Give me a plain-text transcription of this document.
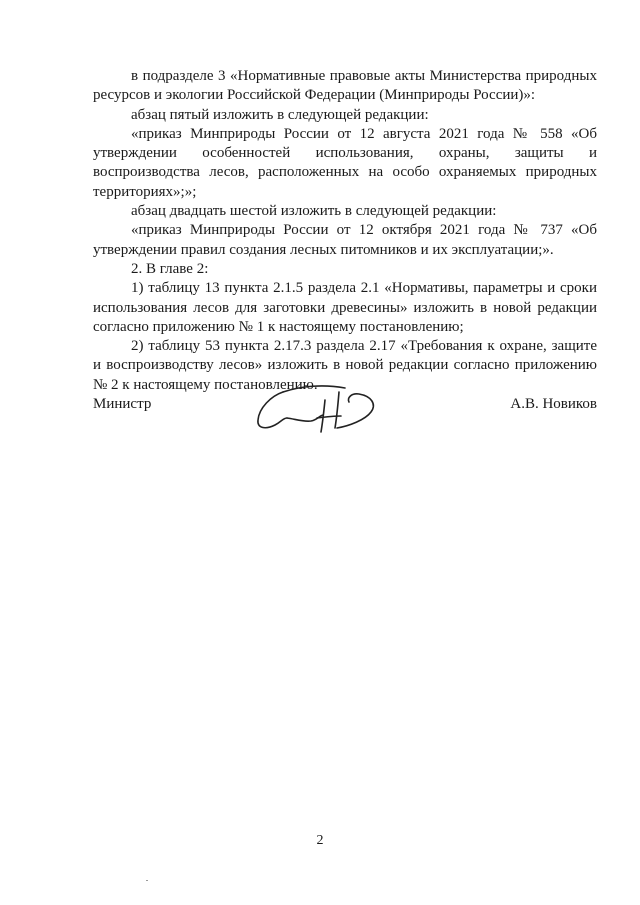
в подразделе 3 «Нормативные правовые акты Министерства природных ресурсов и экологии Российской Федерации (Минприроды России)»:

абзац пятый изложить в следующей редакции:

«приказ Минприроды России от 12 августа 2021 года № 558 «Об утверждении особенностей использования, охраны, защиты и воспроизводства лесов, расположенных на особо охраняемых природных территориях»;»;

абзац двадцать шестой изложить в следующей редакции:

«приказ Минприроды России от 12 октября 2021 года № 737 «Об утверждении правил создания лесных питомников и их эксплуатации;».

2. В главе 2:

1) таблицу 13 пункта 2.1.5 раздела 2.1 «Нормативы, параметры и сроки использования лесов для заготовки древесины» изложить в новой редакции согласно приложению № 1 к настоящему постановлению;

2) таблицу 53 пункта 2.17.3 раздела 2.17 «Требования к охране, защите и воспроизводству лесов» изложить в новой редакции согласно приложению № 2 к настоящему постановлению.

Министр	А.В. Новиков
2
